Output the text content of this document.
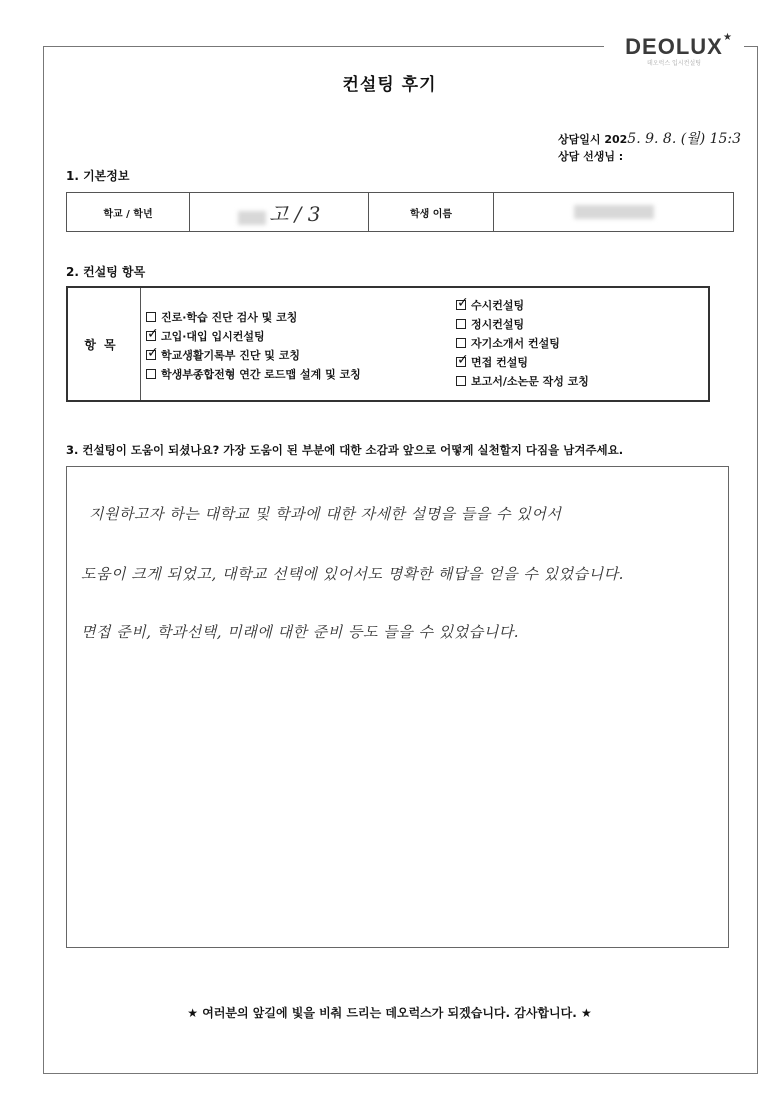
★
DEOLUX
데오럭스 입시컨설팅
컨설팅 후기
상담일시 2025. 9. 8. (월) 15:3
상담 선생님 :
1. 기본정보
학교 / 학년	고 / 3	학생 이름	
2. 컨설팅 항목
항목
진로·학습 진단 검사 및 코칭
✓고입·대입 입시컨설팅
✓학교생활기록부 진단 및 코칭
학생부종합전형 연간 로드맵 설계 및 코칭
✓수시컨설팅
정시컨설팅
자기소개서 컨설팅
✓면접 컨설팅
보고서/소논문 작성 코칭
3. 컨설팅이 도움이 되셨나요? 가장 도움이 된 부분에 대한 소감과 앞으로 어떻게 실천할지 다짐을 남겨주세요.
지원하고자 하는 대학교 및 학과에 대한 자세한 설명을 들을 수 있어서
도움이 크게 되었고, 대학교 선택에 있어서도 명확한 해답을 얻을 수 있었습니다.
면접 준비, 학과선택, 미래에 대한 준비 등도 들을 수 있었습니다.
★ 여러분의 앞길에 빛을 비춰 드리는 데오럭스가 되겠습니다. 감사합니다. ★
